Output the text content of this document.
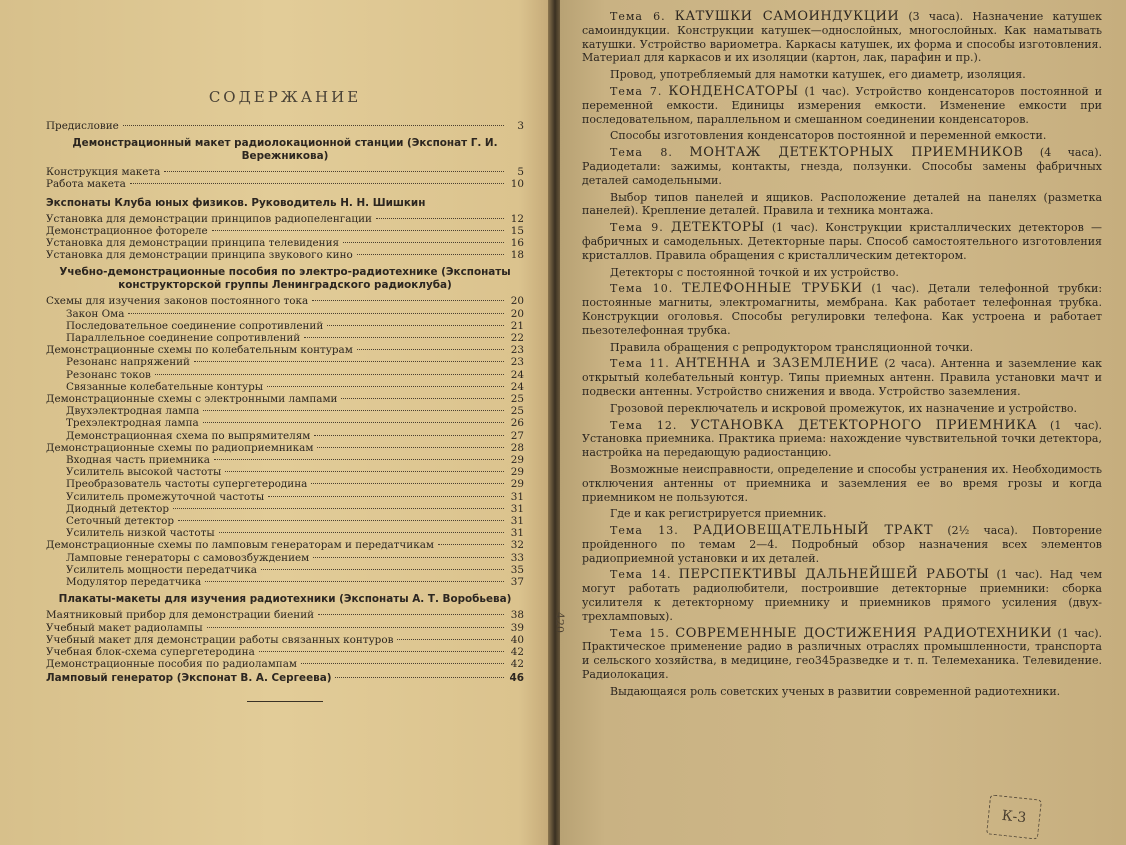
СОДЕРЖАНИЕ
Предисловие	3
Демонстрационный макет радиолокационной станции (Экспонат Г. И. Вережникова)
Конструкция макета	5
Работа макета	10
Экспонаты Клуба юных физиков. Руководитель Н. Н. Шишкин
Установка для демонстрации принципов радиопеленгации	12
Демонстрационное фотореле	15
Установка для демонстрации принципа телевидения	16
Установка для демонстрации принципа звукового кино	18
Учебно-демонстрационные пособия по электро-радиотехнике (Экспонаты конструкторской группы Ленинградского радиоклуба)
Схемы для изучения законов постоянного тока	20
Закон Ома	20
Последовательное соединение сопротивлений	21
Параллельное соединение сопротивлений	22
Демонстрационные схемы по колебательным контурам	23
Резонанс напряжений	23
Резонанс токов	24
Связанные колебательные контуры	24
Демонстрационные схемы с электронными лампами	25
Двухэлектродная лампа	25
Трехэлектродная лампа	26
Демонстрационная схема по выпрямителям	27
Демонстрационные схемы по радиоприемникам	28
Входная часть приемника	29
Усилитель высокой частоты	29
Преобразователь частоты супергетеродина	29
Усилитель промежуточной частоты	31
Диодный детектор	31
Сеточный детектор	31
Усилитель низкой частоты	31
Демонстрационные схемы по ламповым генераторам и передатчикам	32
Ламповые генераторы с самовозбуждением	33
Усилитель мощности передатчика	35
Модулятор передатчика	37
Плакаты-макеты для изучения радиотехники (Экспонаты А. Т. Воробьева)
Маятниковый прибор для демонстрации биений	38
Учебный макет радиолампы	39
Учебный макет для демонстрации работы связанных контуров	40
Учебная блок-схема супергетеродина	42
Демонстрационные пособия по радиолампам	42
Ламповый генератор (Экспонат В. А. Сергеева)	46
Тема 6. КАТУШКИ САМОИНДУКЦИИ (3 часа). Назначение катушек самоиндукции. Конструкции катушек—однослойных, многослойных. Как наматывать катушки. Устройство вариометра. Каркасы катушек, их форма и способы изготовления. Материал для каркасов и их изоляции (картон, лак, парафин и пр.).
Провод, употребляемый для намотки катушек, его диаметр, изоляция.
Тема 7. КОНДЕНСАТОРЫ (1 час). Устройство конденсаторов постоянной и переменной емкости. Единицы измерения емкости. Изменение емкости при последовательном, параллельном и смешанном соединении конденсаторов.
Способы изготовления конденсаторов постоянной и переменной емкости.
Тема 8. МОНТАЖ ДЕТЕКТОРНЫХ ПРИЕМНИКОВ (4 часа). Радиодетали: зажимы, контакты, гнезда, ползунки. Способы замены фабричных деталей самодельными.
Выбор типов панелей и ящиков. Расположение деталей на панелях (разметка панелей). Крепление деталей. Правила и техника монтажа.
Тема 9. ДЕТЕКТОРЫ (1 час). Конструкции кристаллических детекторов — фабричных и самодельных. Детекторные пары. Способ самостоятельного изготовления кристаллов. Правила обращения с кристаллическим детектором.
Детекторы с постоянной точкой и их устройство.
Тема 10. ТЕЛЕФОННЫЕ ТРУБКИ (1 час). Детали телефонной трубки: постоянные магниты, электромагниты, мембрана. Как работает телефонная трубка. Конструкции оголовья. Способы регулировки телефона. Как устроена и работает пьезотелефонная трубка.
Правила обращения с репродуктором трансляционной точки.
Тема 11. АНТЕННА и ЗАЗЕМЛЕНИЕ (2 часа). Антенна и заземление как открытый колебательный контур. Типы приемных антенн. Правила установки мачт и подвески антенны. Устройство снижения и ввода. Устройство заземления.
Грозовой переключатель и искровой промежуток, их назначение и устройство.
Тема 12. УСТАНОВКА ДЕТЕКТОРНОГО ПРИЕМНИКА (1 час). Установка приемника. Практика приема: нахождение чувствительной точки детектора, настройка на передающую радиостанцию.
Возможные неисправности, определение и способы устранения их. Необходимость отключения антенны от приемника и заземления ее во время грозы и когда приемником не пользуются.
Где и как регистрируется приемник.
Тема 13. РАДИОВЕЩАТЕЛЬНЫЙ ТРАКТ (2½ часа). Повторение пройденного по темам 2—4. Подробный обзор назначения всех элементов радиоприемной установки и их деталей.
Тема 14. ПЕРСПЕКТИВЫ ДАЛЬНЕЙШЕЙ РАБОТЫ (1 час). Над чем могут работать радиолюбители, построившие детекторные приемники: сборка усилителя к детекторному приемнику и приемников прямого усиления (двух-трехламповых).
Тема 15. СОВРЕМЕННЫЕ ДОСТИЖЕНИЯ РАДИОТЕХНИКИ (1 час). Практическое применение радио в различных отраслях промышленности, транспорта и сельского хозяйства, в медицине, гео345разведке и т. п. Телемеханика. Телевидение. Радиолокация.
Выдающаяся роль советских ученых в развитии современной радиотехники.
К-3
420
